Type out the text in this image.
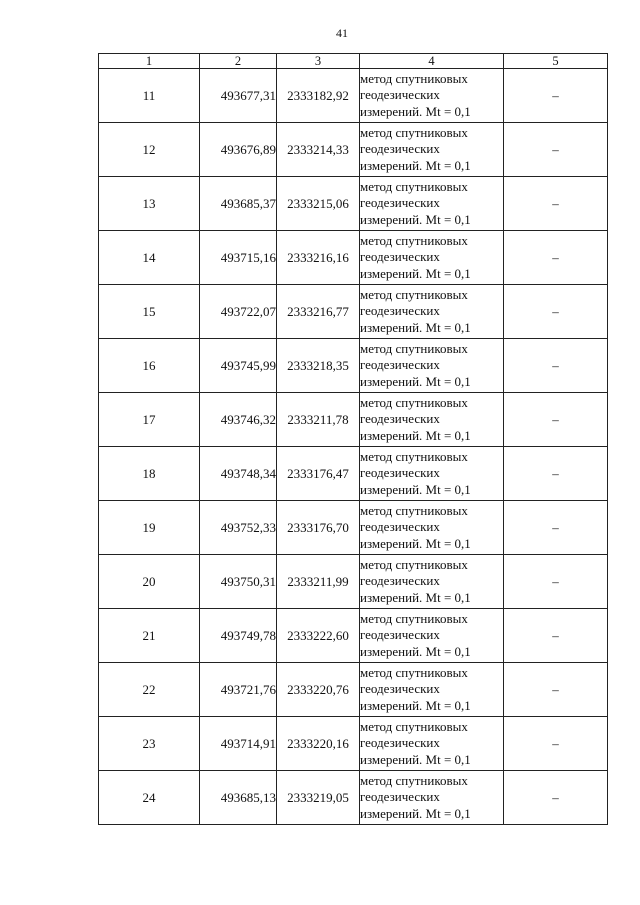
41
1	2	3	4	5
11	493677,31	2333182,92	метод спутниковых
геодезических
измерений. Mt = 0,1	–
12	493676,89	2333214,33	метод спутниковых
геодезических
измерений. Mt = 0,1	–
13	493685,37	2333215,06	метод спутниковых
геодезических
измерений. Mt = 0,1	–
14	493715,16	2333216,16	метод спутниковых
геодезических
измерений. Mt = 0,1	–
15	493722,07	2333216,77	метод спутниковых
геодезических
измерений. Mt = 0,1	–
16	493745,99	2333218,35	метод спутниковых
геодезических
измерений. Mt = 0,1	–
17	493746,32	2333211,78	метод спутниковых
геодезических
измерений. Mt = 0,1	–
18	493748,34	2333176,47	метод спутниковых
геодезических
измерений. Mt = 0,1	–
19	493752,33	2333176,70	метод спутниковых
геодезических
измерений. Mt = 0,1	–
20	493750,31	2333211,99	метод спутниковых
геодезических
измерений. Mt = 0,1	–
21	493749,78	2333222,60	метод спутниковых
геодезических
измерений. Mt = 0,1	–
22	493721,76	2333220,76	метод спутниковых
геодезических
измерений. Mt = 0,1	–
23	493714,91	2333220,16	метод спутниковых
геодезических
измерений. Mt = 0,1	–
24	493685,13	2333219,05	метод спутниковых
геодезических
измерений. Mt = 0,1	–
